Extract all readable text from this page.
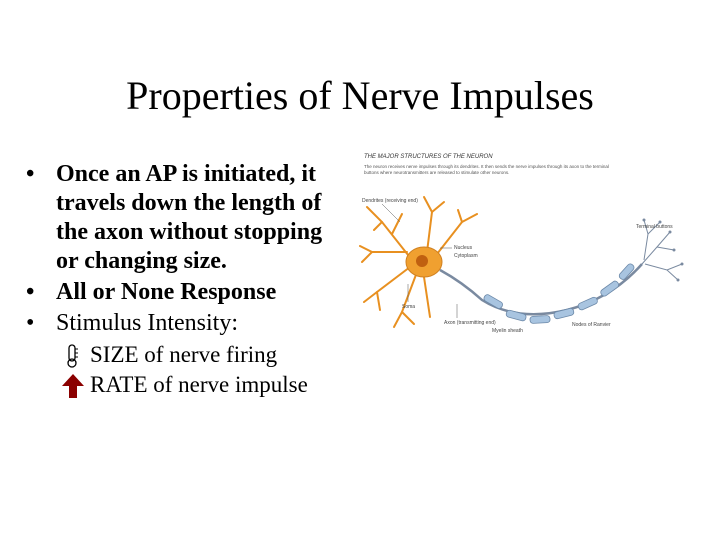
Properties of Nerve Impulses
• Once an AP is initiated, it travels down the length of the axon without stopping or changing size.
• All or None Response
• Stimulus Intensity:
SIZE of nerve firing
RATE of nerve impulse
THE MAJOR STRUCTURES OF THE NEURON
The neuron receives nerve impulses through its dendrites. It then sends the nerve impulses through its axon to the terminal buttons where neurotransmitters are released to stimulate other neurons.
Dendrites (receiving end)
Nucleus
Cytoplasm
Soma
Axon (transmitting end)
Myelin sheath
Nodes of Ranvier
Terminal buttons
